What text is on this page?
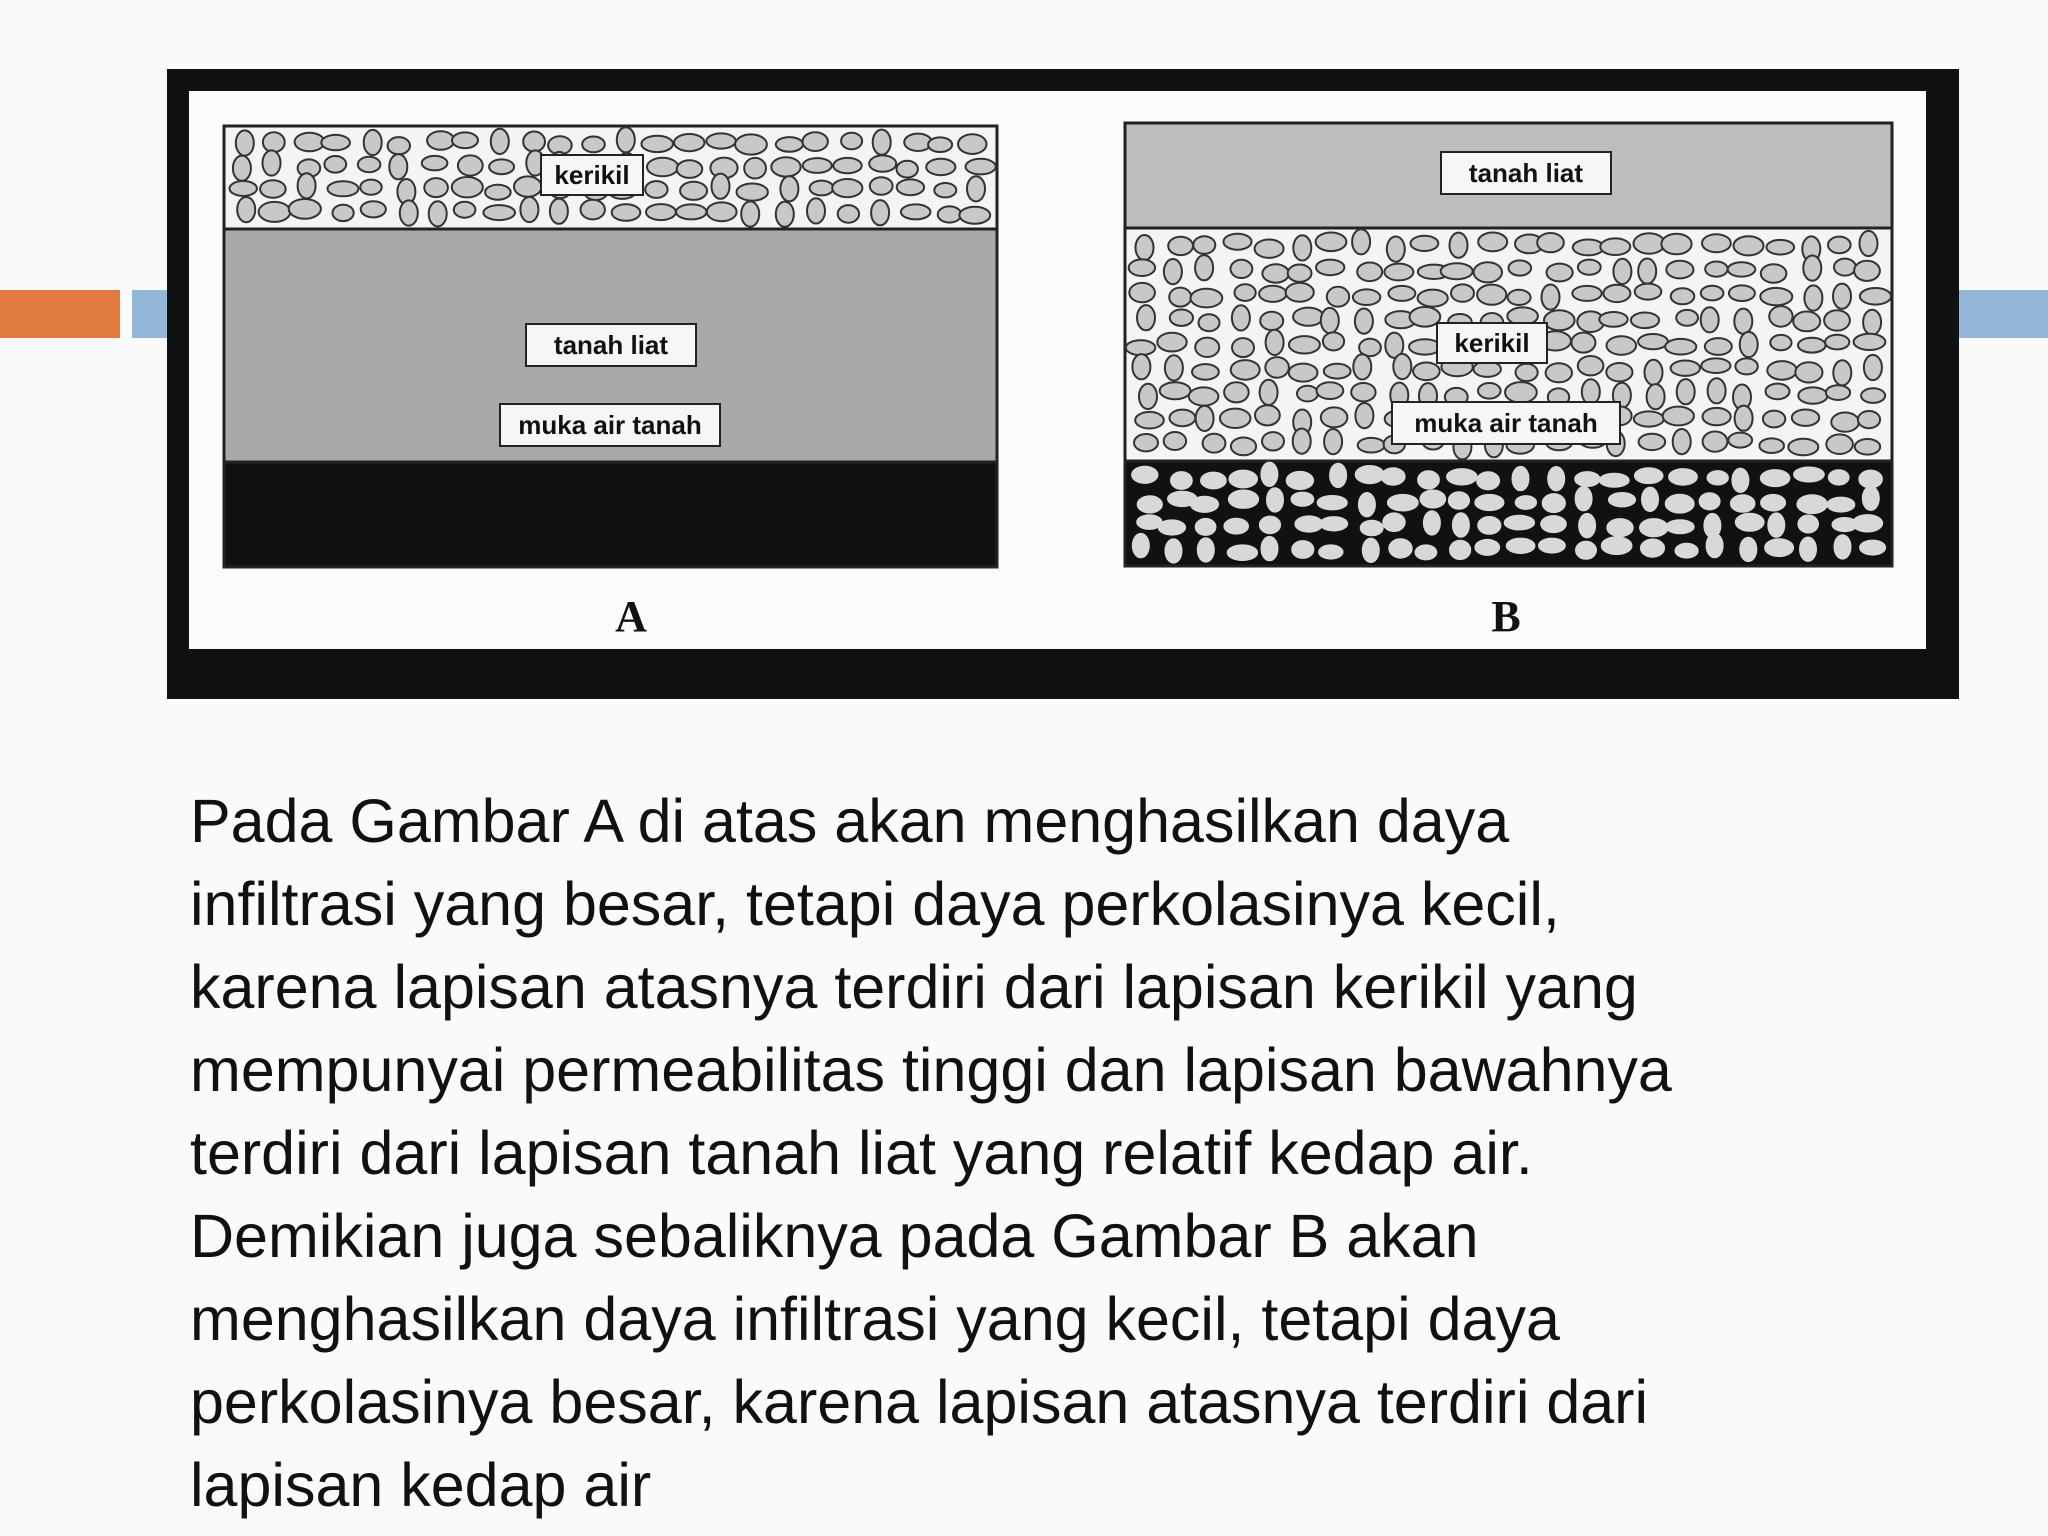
kerikil
tanah liat
muka air tanah
A
tanah liat
kerikil
muka air tanah
B
Pada Gambar A di atas akan menghasilkan daya
infiltrasi yang besar, tetapi daya perkolasinya kecil,
karena lapisan atasnya terdiri dari lapisan kerikil yang
mempunyai permeabilitas tinggi dan lapisan bawahnya
terdiri dari lapisan tanah liat yang relatif kedap air.
Demikian juga sebaliknya pada Gambar B akan
menghasilkan daya infiltrasi yang kecil, tetapi daya
perkolasinya besar, karena lapisan atasnya terdiri dari
lapisan kedap air
